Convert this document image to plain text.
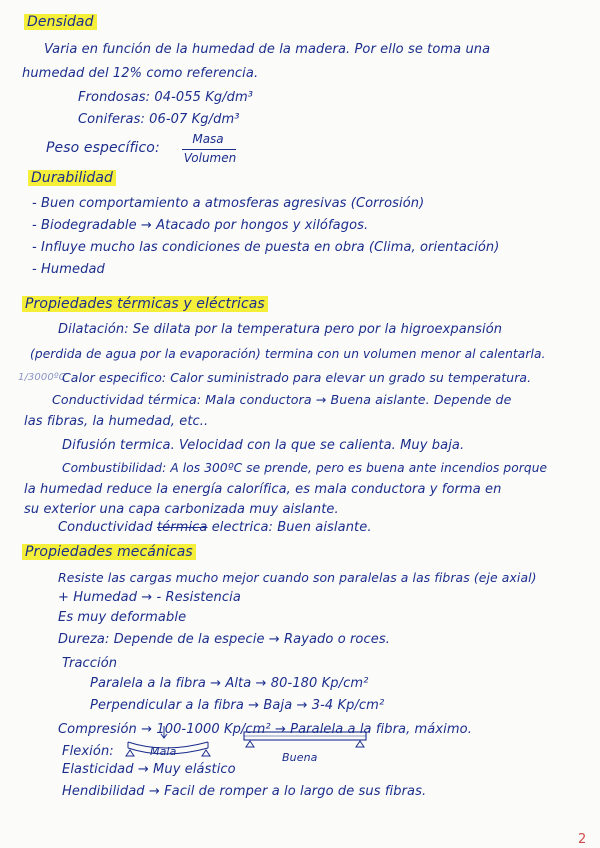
Densidad
Varia en función de la humedad de la madera. Por ello se toma una
humedad del 12% como referencia.
Frondosas: 04-055 Kg/dm³
Coniferas: 06-07 Kg/dm³
Peso específico:
Masa
Volumen
Durabilidad
- Buen comportamiento a atmosferas agresivas (Corrosión)
- Biodegradable → Atacado por hongos y xilófagos.
- Influye mucho las condiciones de puesta en obra (Clima, orientación)
- Humedad
Propiedades térmicas y eléctricas
Dilatación: Se dilata por la temperatura pero por la higroexpansión
(perdida de agua por la evaporación) termina con un volumen menor al calentarla.
1/3000ºC
Calor especifico: Calor suministrado para elevar un grado su temperatura.
Conductividad térmica: Mala conductora → Buena aislante. Depende de
las fibras, la humedad, etc..
Difusión termica. Velocidad con la que se calienta. Muy baja.
Combustibilidad: A los 300ºC se prende, pero es buena ante incendios porque
la humedad reduce la energía calorífica, es mala conductora y forma en
su exterior una capa carbonizada muy aislante.
Conductividad térmica electrica: Buen aislante.
Propiedades mecánicas
Resiste las cargas mucho mejor cuando son paralelas a las fibras (eje axial)
+ Humedad → - Resistencia
Es muy deformable
Dureza: Depende de la especie → Rayado o roces.
Tracción
Paralela a la fibra → Alta → 80-180 Kp/cm²
Perpendicular a la fibra → Baja → 3-4 Kp/cm²
Compresión → 100-1000 Kp/cm² → Paralela a la fibra, máximo.
Flexión:	Mala	Buena
Elasticidad → Muy elástico
Hendibilidad → Facil de romper a lo largo de sus fibras.
2
